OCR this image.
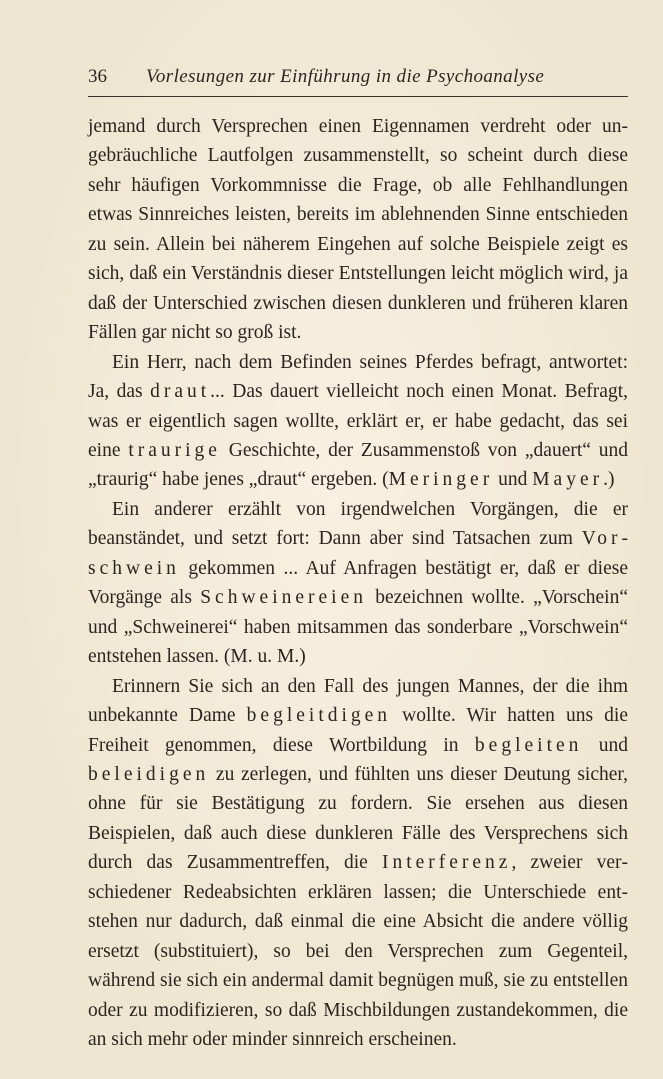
36	Vorlesungen zur Einführung in die Psychoanalyse

jemand durch Versprechen einen Eigennamen verdreht oder ungebräuchliche Lautfolgen zusammenstellt, so scheint durch diese sehr häufigen Vorkommnisse die Frage, ob alle Fehlhandlungen etwas Sinnreiches leisten, bereits im ablehnenden Sinne entschieden zu sein. Allein bei näherem Eingehen auf solche Beispiele zeigt es sich, daß ein Verständnis dieser Entstellungen leicht möglich wird, ja daß der Unterschied zwischen diesen dunkleren und früheren klaren Fällen gar nicht so groß ist.

Ein Herr, nach dem Befinden seines Pferdes befragt, antwortet: Ja, das draut... Das dauert vielleicht noch einen Monat. Befragt, was er eigentlich sagen wollte, erklärt er, er habe gedacht, das sei eine traurige Geschichte, der Zusammenstoß von „dauert“ und „traurig“ habe jenes „draut“ ergeben. (Meringer und Mayer.)

Ein anderer erzählt von irgendwelchen Vorgängen, die er beanständet, und setzt fort: Dann aber sind Tatsachen zum Vorschwein gekommen ... Auf Anfragen bestätigt er, daß er diese Vorgänge als Schweinereien bezeichnen wollte. „Vorschein“ und „Schweinerei“ haben mitsammen das sonderbare „Vorschwein“ entstehen lassen. (M. u. M.)

Erinnern Sie sich an den Fall des jungen Mannes, der die ihm unbekannte Dame begleitdigen wollte. Wir hatten uns die Freiheit genommen, diese Wortbildung in begleiten und beleidigen zu zerlegen, und fühlten uns dieser Deutung sicher, ohne für sie Bestätigung zu fordern. Sie ersehen aus diesen Beispielen, daß auch diese dunkleren Fälle des Versprechens sich durch das Zusammentreffen, die Interferenz, zweier verschiedener Redeabsichten erklären lassen; die Unterschiede entstehen nur dadurch, daß einmal die eine Absicht die andere völlig ersetzt (substituiert), so bei den Versprechen zum Gegenteil, während sie sich ein andermal damit begnügen muß, sie zu entstellen oder zu modifizieren, so daß Mischbildungen zustandekommen, die an sich mehr oder minder sinnreich erscheinen.
